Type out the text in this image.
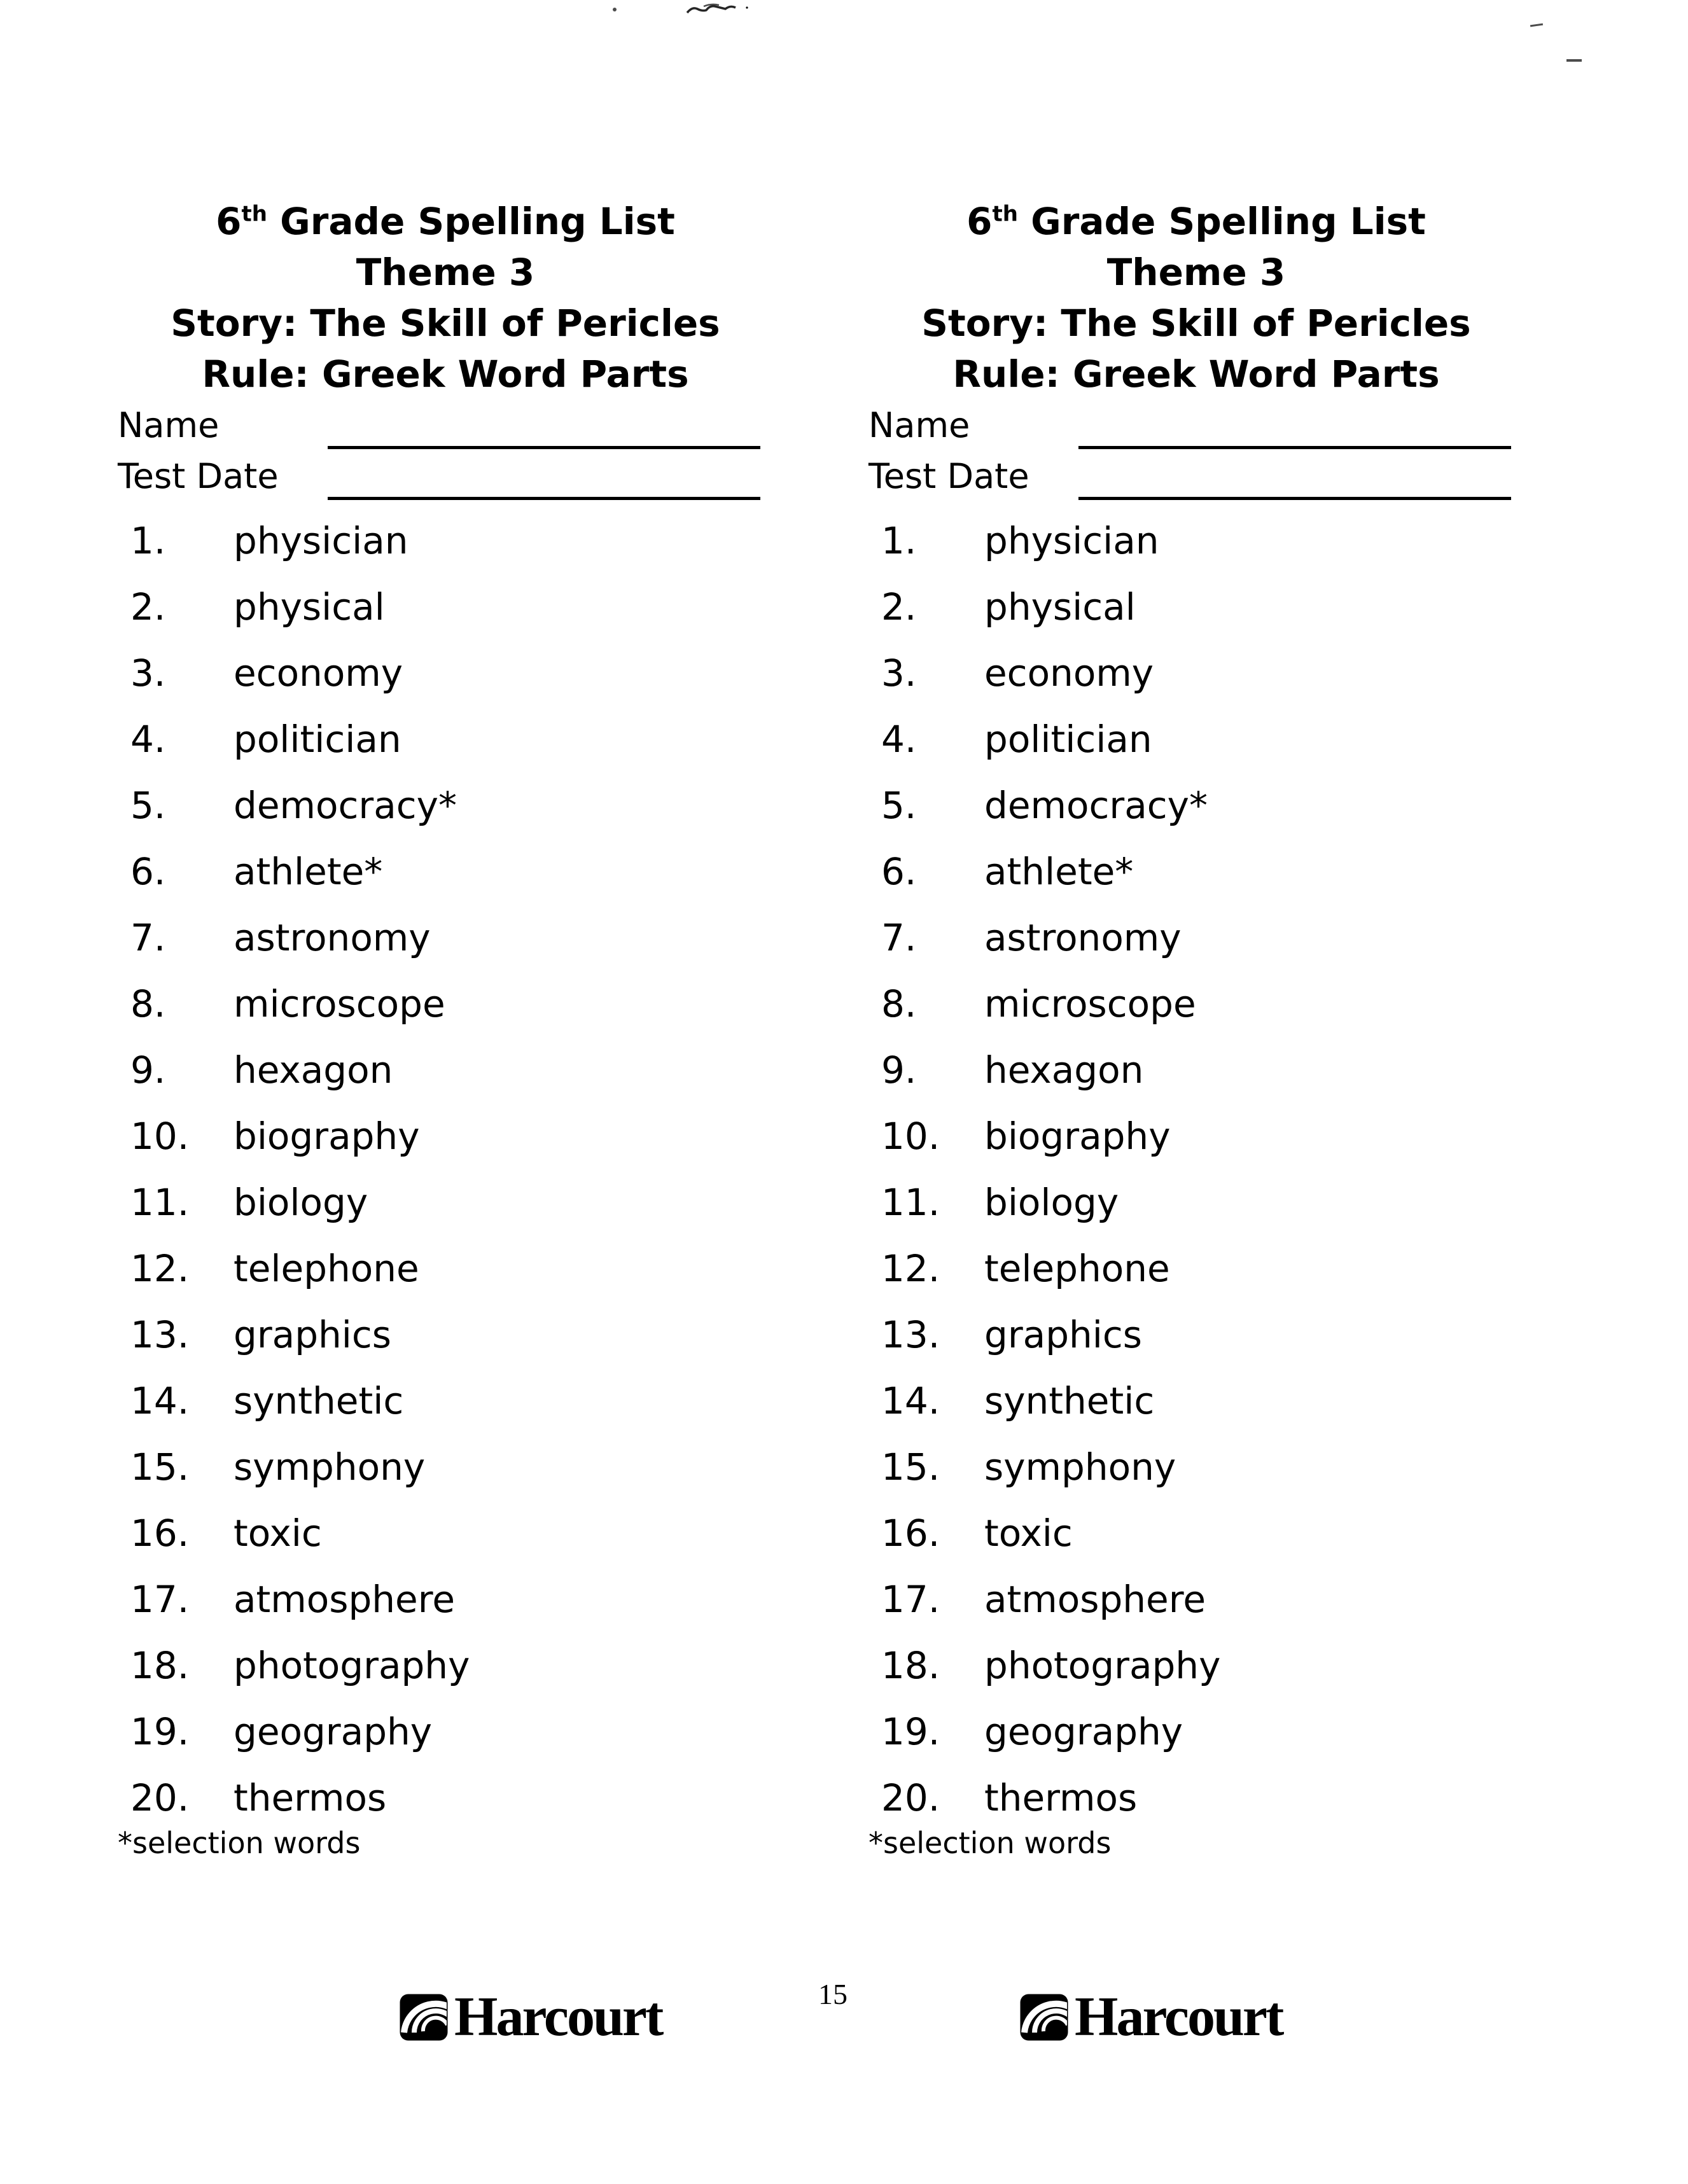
6th Grade Spelling List
Theme 3
Story: The Skill of Pericles
Rule: Greek Word Parts
Name
Test Date
1.	physician
2.	physical
3.	economy
4.	politician
5.	democracy*
6.	athlete*
7.	astronomy
8.	microscope
9.	hexagon
10.	biography
11.	biology
12.	telephone
13.	graphics
14.	synthetic
15.	symphony
16.	toxic
17.	atmosphere
18.	photography
19.	geography
20.	thermos
*selection words
6th Grade Spelling List
Theme 3
Story: The Skill of Pericles
Rule: Greek Word Parts
Name
Test Date
1.	physician
2.	physical
3.	economy
4.	politician
5.	democracy*
6.	athlete*
7.	astronomy
8.	microscope
9.	hexagon
10.	biography
11.	biology
12.	telephone
13.	graphics
14.	synthetic
15.	symphony
16.	toxic
17.	atmosphere
18.	photography
19.	geography
20.	thermos
*selection words
Harcourt	15	Harcourt
